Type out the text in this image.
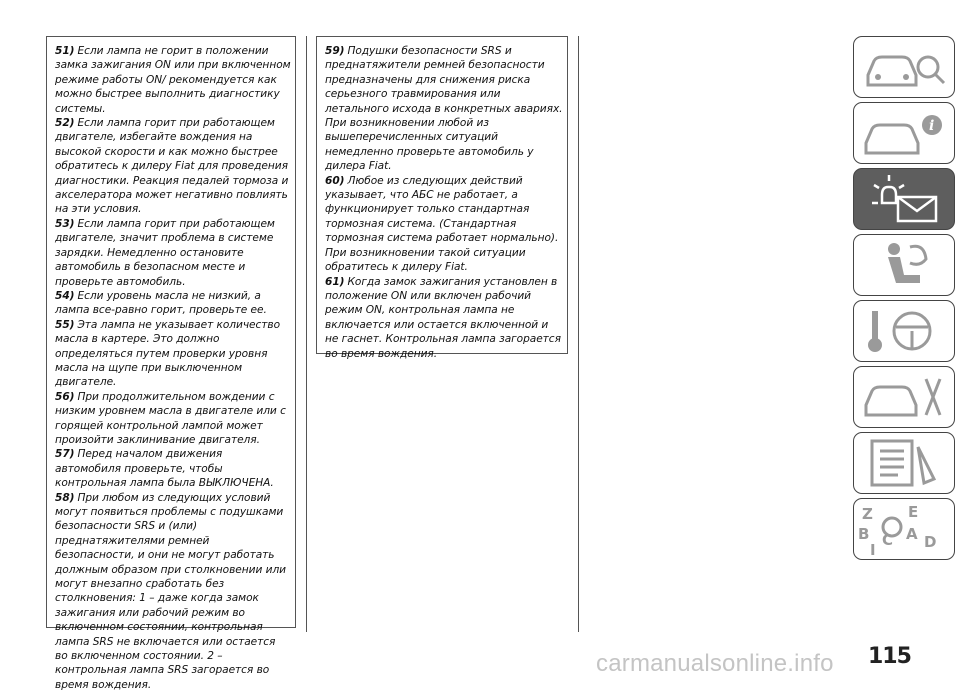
51) Если лампа не горит в положении замка зажигания ON или при включенном режиме работы ON/ рекомендуется как можно быстрее выполнить диагностику системы.

52) Если лампа горит при работающем двигателе, избегайте вождения на высокой скорости и как можно быстрее обратитесь к дилеру Fiat для проведения диагностики. Реакция педалей тормоза и акселератора может негативно повлиять на эти условия.

53) Если лампа горит при работающем двигателе, значит проблема в системе зарядки. Немедленно остановите автомобиль в безопасном месте и проверьте автомобиль.

54) Если уровень масла не низкий, а лампа все-равно горит, проверьте ее.

55) Эта лампа не указывает количество масла в картере. Это должно определяться путем проверки уровня масла на щупе при выключенном двигателе.

56) При продолжительном вождении с низким уровнем масла в двигателе или с горящей контрольной лампой может произойти заклинивание двигателя.

57) Перед началом движения автомобиля проверьте, чтобы контрольная лампа была ВЫКЛЮЧЕНА.

58) При любом из следующих условий могут появиться проблемы с подушками безопасности SRS и (или) преднатяжителями ремней безопасности, и они не могут работать должным образом при столкновении или могут внезапно сработать без столкновения: 1 – даже когда замок зажигания или рабочий режим во включенном состоянии, контрольная лампа SRS не включается или остается во включенном состоянии. 2 – контрольная лампа SRS загорается во время вождения.

59) Подушки безопасности SRS и преднатяжители ремней безопасности предназначены для снижения риска серьезного травмирования или летального исхода в конкретных авариях. При возникновении любой из вышеперечисленных ситуаций немедленно проверьте автомобиль у дилера Fiat.

60) Любое из следующих действий указывает, что АБС не работает, а функционирует только стандартная тормозная система. (Стандартная тормозная система работает нормально). При возникновении такой ситуации обратитесь к дилеру Fiat.

61) Когда замок зажигания установлен в положение ON или включен рабочий режим ON, контрольная лампа не включается или остается включенной и не гаснет. Контрольная лампа загорается во время вождения.

i
Z E
B C A D
I
115
carmanualsonline.info
